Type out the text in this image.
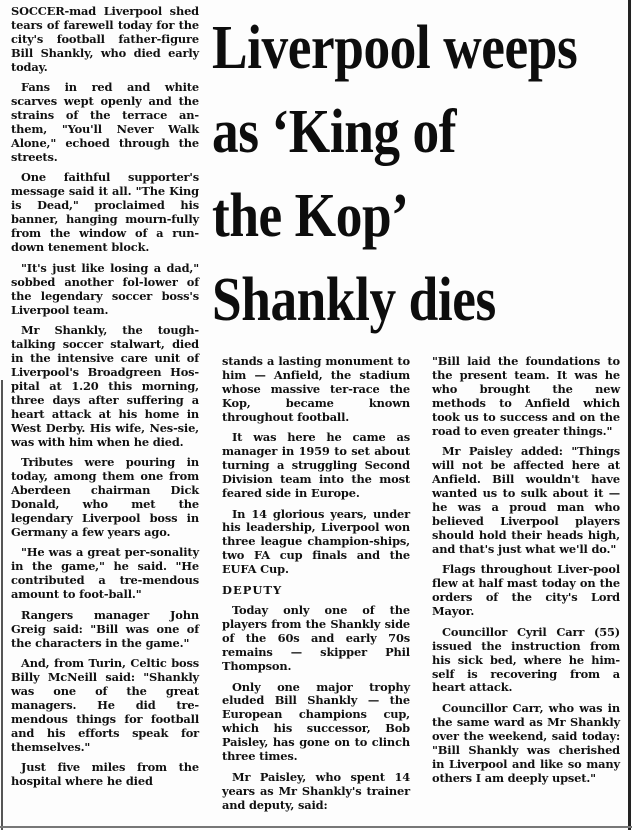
Liverpool weeps
as ‘King of
the Kop’
Shankly dies

SOCCER-mad Liverpool shed tears of farewell today for the city's football father-figure Bill Shankly, who died early today.

Fans in red and white scarves wept openly and the strains of the terrace an-them, "You'll Never Walk Alone," echoed through the streets.

One faithful supporter's message said it all. "The King is Dead," proclaimed his banner, hanging mourn-fully from the window of a run-down tenement block.

"It's just like losing a dad," sobbed another fol-lower of the legendary soccer boss's Liverpool team.

Mr Shankly, the tough-talking soccer stalwart, died in the intensive care unit of Liverpool's Broadgreen Hos-pital at 1.20 this morning, three days after suffering a heart attack at his home in West Derby. His wife, Nes-sie, was with him when he died.

Tributes were pouring in today, among them one from Aberdeen chairman Dick Donald, who met the legendary Liverpool boss in Germany a few years ago.

"He was a great per-sonality in the game," he said. "He contributed a tre-mendous amount to foot-ball."

Rangers manager John Greig said: "Bill was one of the characters in the game."

And, from Turin, Celtic boss Billy McNeill said: "Shankly was one of the great managers. He did tre-mendous things for football and his efforts speak for themselves."

Just five miles from the hospital where he died

stands a lasting monument to him — Anfield, the stadium whose massive ter-race the Kop, became known throughout football.

It was here he came as manager in 1959 to set about turning a struggling Second Division team into the most feared side in Europe.

In 14 glorious years, under his leadership, Liverpool won three league champion-ships, two FA cup finals and the EUFA Cup.

DEPUTY

Today only one of the players from the Shankly side of the 60s and early 70s remains — skipper Phil Thompson.

Only one major trophy eluded Bill Shankly — the European champions cup, which his successor, Bob Paisley, has gone on to clinch three times.

Mr Paisley, who spent 14 years as Mr Shankly's trainer and deputy, said:

"Bill laid the foundations to the present team. It was he who brought the new methods to Anfield which took us to success and on the road to even greater things."

Mr Paisley added: "Things will not be affected here at Anfield. Bill wouldn't have wanted us to sulk about it — he was a proud man who believed Liverpool players should hold their heads high, and that's just what we'll do."

Flags throughout Liver-pool flew at half mast today on the orders of the city's Lord Mayor.

Councillor Cyril Carr (55) issued the instruction from his sick bed, where he him-self is recovering from a heart attack.

Councillor Carr, who was in the same ward as Mr Shankly over the weekend, said today: "Bill Shankly was cherished in Liverpool and like so many others I am deeply upset."
